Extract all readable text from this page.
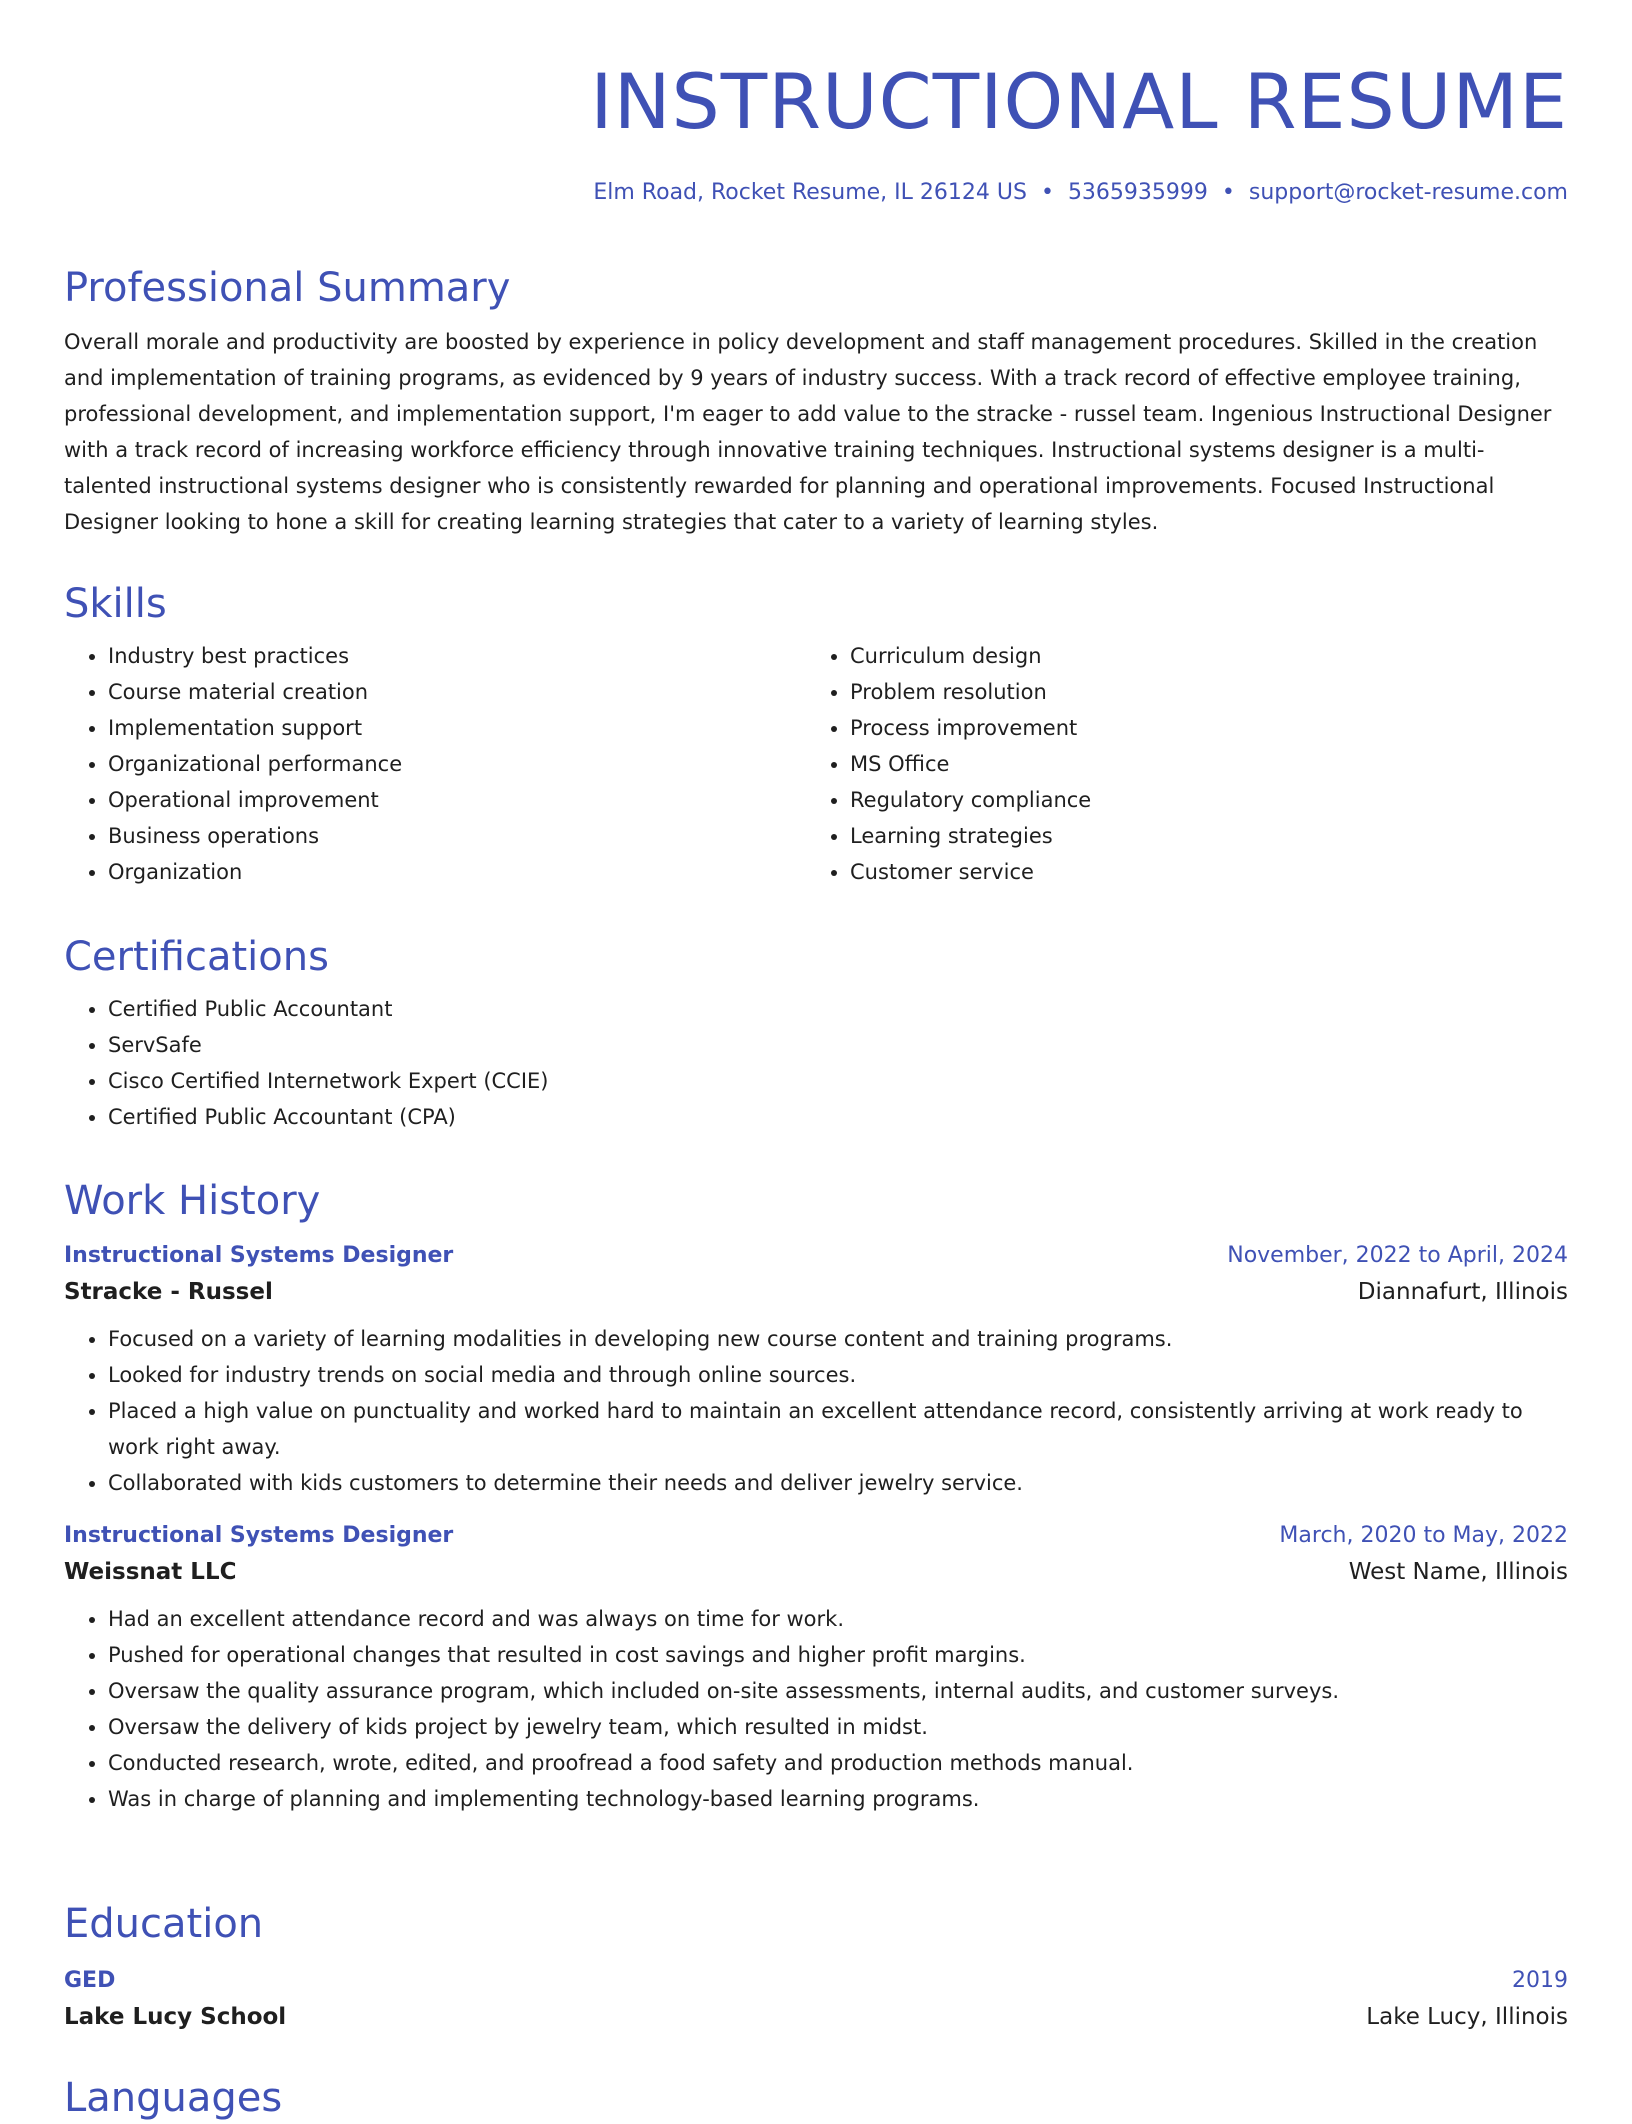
INSTRUCTIONAL RESUME
Elm Road, Rocket Resume, IL 26124 US • 5365935999 • support@rocket-resume.com
Professional Summary

Overall morale and productivity are boosted by experience in policy development and staff management procedures. Skilled in the creation and implementation of training programs, as evidenced by 9 years of industry success. With a track record of effective employee training, professional development, and implementation support, I'm eager to add value to the stracke - russel team. Ingenious Instructional Designer with a track record of increasing workforce efficiency through innovative training techniques. Instructional systems designer is a multi-talented instructional systems designer who is consistently rewarded for planning and operational improvements. Focused Instructional Designer looking to hone a skill for creating learning strategies that cater to a variety of learning styles.

Skills
• Industry best practices
• Course material creation
• Implementation support
• Organizational performance
• Operational improvement
• Business operations
• Organization
• Curriculum design
• Problem resolution
• Process improvement
• MS Office
• Regulatory compliance
• Learning strategies
• Customer service
Certifications
• Certified Public Accountant
• ServSafe
• Cisco Certified Internetwork Expert (CCIE)
• Certified Public Accountant (CPA)
Work History
Instructional Systems Designer	November, 2022 to April, 2024
Stracke - Russel	Diannafurt, Illinois
• Focused on a variety of learning modalities in developing new course content and training programs.
• Looked for industry trends on social media and through online sources.
• Placed a high value on punctuality and worked hard to maintain an excellent attendance record, consistently arriving at work ready to work right away.
• Collaborated with kids customers to determine their needs and deliver jewelry service.
Instructional Systems Designer	March, 2020 to May, 2022
Weissnat LLC	West Name, Illinois
• Had an excellent attendance record and was always on time for work.
• Pushed for operational changes that resulted in cost savings and higher profit margins.
• Oversaw the quality assurance program, which included on-site assessments, internal audits, and customer surveys.
• Oversaw the delivery of kids project by jewelry team, which resulted in midst.
• Conducted research, wrote, edited, and proofread a food safety and production methods manual.
• Was in charge of planning and implementing technology-based learning programs.
Education
GED	2019
Lake Lucy School	Lake Lucy, Illinois
Languages
